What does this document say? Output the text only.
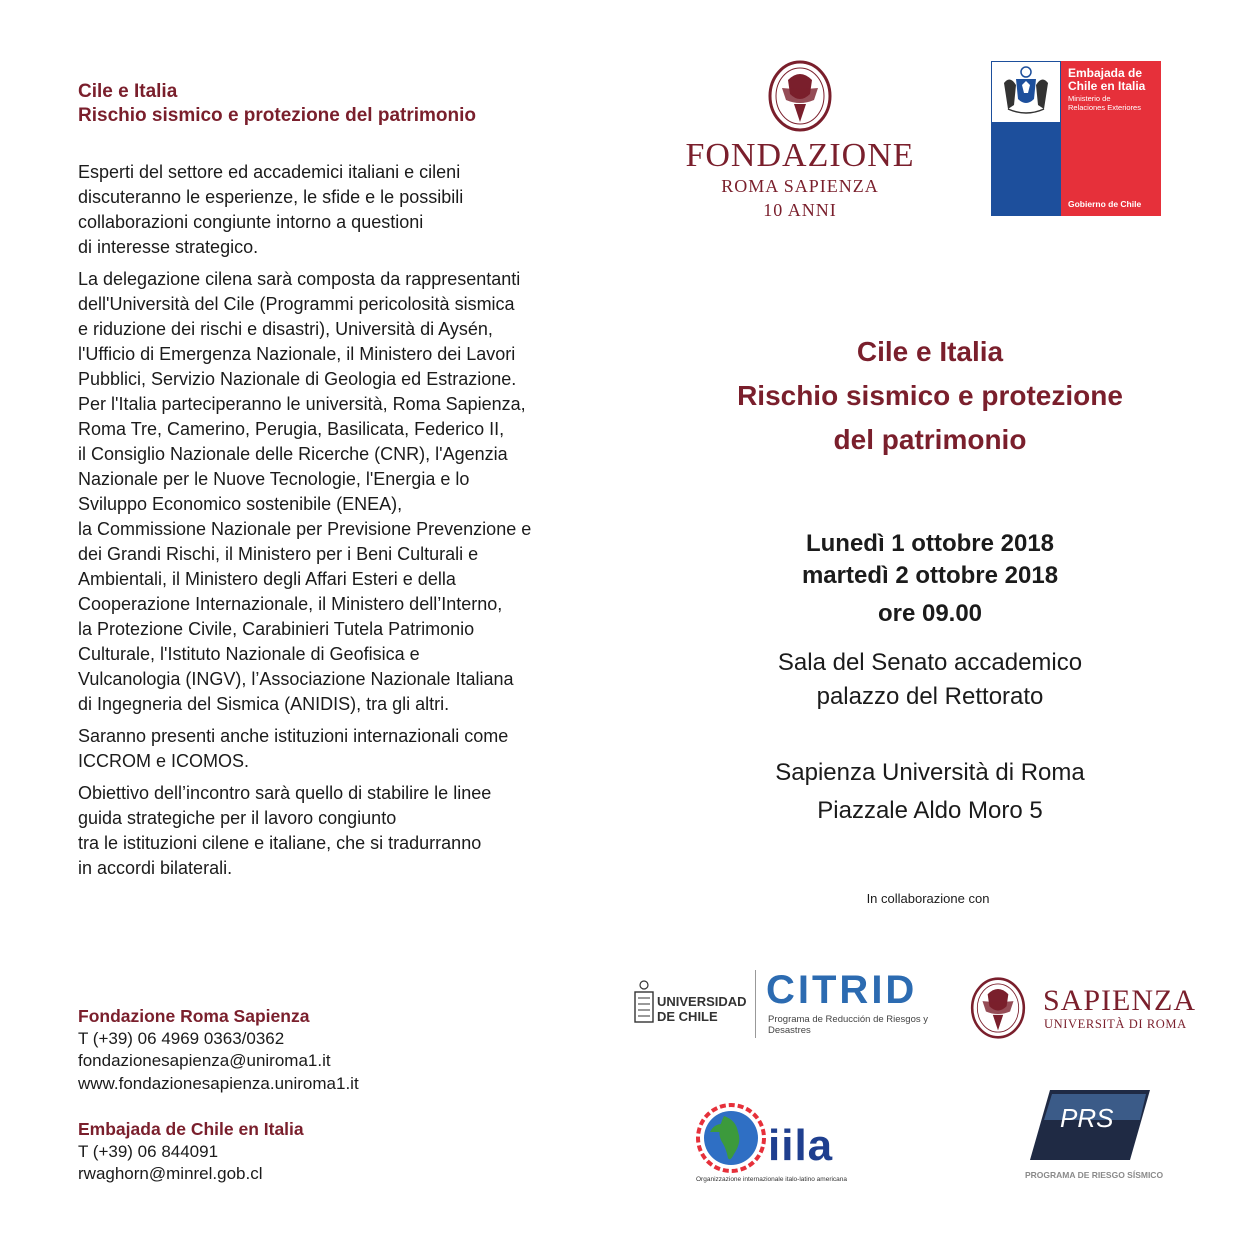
Cile e Italia
Rischio sismico e protezione del patrimonio

Esperti del settore ed accademici italiani e cileni
discuteranno le esperienze, le sfide e le possibili
collaborazioni congiunte intorno a questioni
di interesse strategico.

La delegazione cilena sarà composta da rappresentanti
dell'Università del Cile (Programmi pericolosità sismica
e riduzione dei rischi e disastri), Università di Aysén,
l'Ufficio di Emergenza Nazionale, il Ministero dei Lavori
Pubblici, Servizio Nazionale di Geologia ed Estrazione.
Per l'Italia parteciperanno le università, Roma Sapienza,
Roma Tre, Camerino, Perugia, Basilicata, Federico II,
il Consiglio Nazionale delle Ricerche (CNR), l'Agenzia
Nazionale per le Nuove Tecnologie, l'Energia e lo
Sviluppo Economico sostenibile (ENEA),
la Commissione Nazionale per Previsione Prevenzione e
dei Grandi Rischi, il Ministero per i Beni Culturali e
Ambientali, il Ministero degli Affari Esteri e della
Cooperazione Internazionale, il Ministero dell’Interno,
la Protezione Civile, Carabinieri Tutela Patrimonio
Culturale, l'Istituto Nazionale di Geofisica e
Vulcanologia (INGV), l’Associazione Nazionale Italiana
di Ingegneria del Sismica (ANIDIS), tra gli altri.

Saranno presenti anche istituzioni internazionali come
ICCROM e ICOMOS.

Obiettivo dell’incontro sarà quello di stabilire le linee
guida strategiche per il lavoro congiunto
tra le istituzioni cilene e italiane, che si tradurranno
in accordi bilaterali.

Fondazione Roma Sapienza
T (+39) 06 4969 0363/0362
fondazionesapienza@uniroma1.it
www.fondazionesapienza.uniroma1.it
Embajada de Chile en Italia
T (+39) 06 844091
rwaghorn@minrel.gob.cl
FONDAZIONE
ROMA SAPIENZA
10 ANNI
Embajada de
Chile en Italia
Ministerio de
Relaciones Exteriores
Gobierno de Chile
Cile e Italia
Rischio sismico e protezione
del patrimonio
Lunedì 1 ottobre 2018
martedì 2 ottobre 2018
ore 09.00
Sala del Senato accademico
palazzo del Rettorato
Sapienza Università di Roma
Piazzale Aldo Moro 5
In collaborazione con
UNIVERSIDAD
DE CHILE
CITRID
Programa de Reducción de Riesgos y
Desastres
SAPIENZA
UNIVERSITÀ DI ROMA
iila
Organizzazione internazionale italo-latino americana
PRS
PROGRAMA DE RIESGO SÍSMICO
